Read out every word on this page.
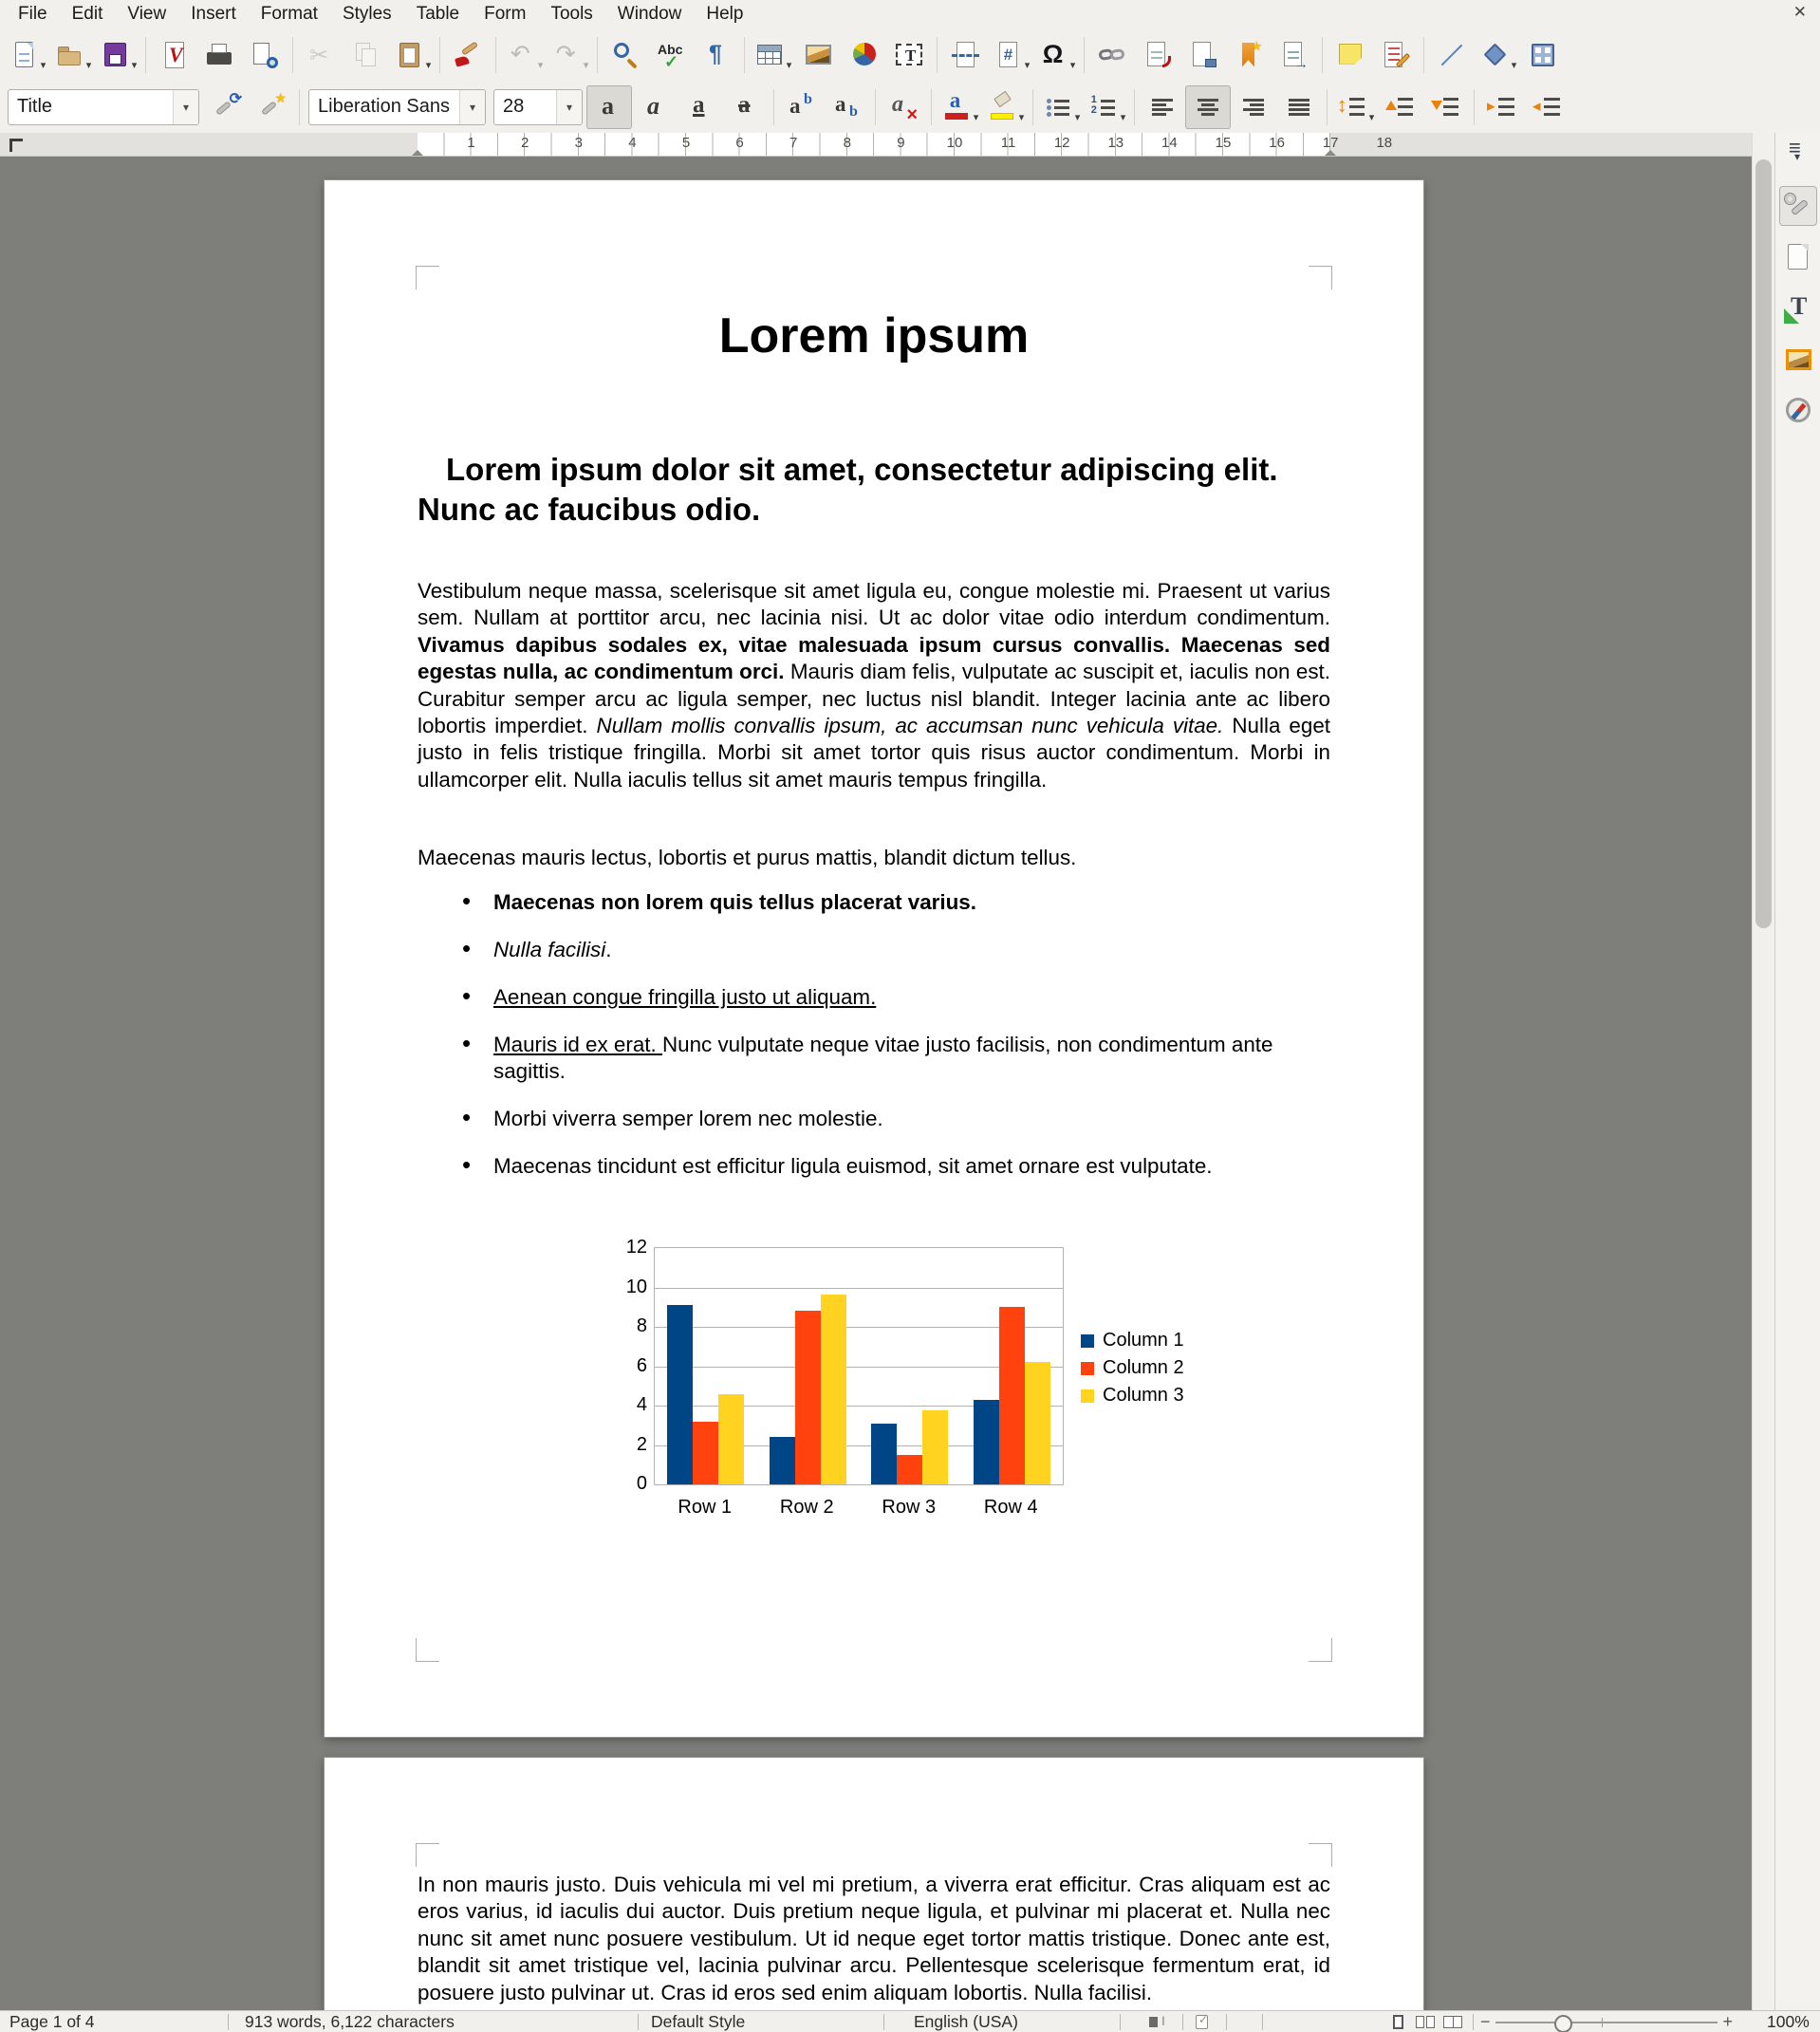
File	Edit	View	Insert	Format	Styles	Table	Form	Tools	Window	Help	✕
▾	▾	▾ V ✂	▾ ↶	▾ ↷	▾ Abc ✓ ¶	▾ T #	▾ Ω	▾ ★ →	▾
Title	▾ ⟳ ★	Liberation Sans	▾	28	▾
a
a
a
a
a b
a b
a ×
a
▾	▾	▾ 1 2	▾ ↕	▾
▸
◂
1	2	3	4	5	6	7	8	9	10	11	12	13	14	15	16	17	18
Lorem ipsum
Lorem ipsum dolor sit amet, consectetur adipiscing elit. Nunc ac faucibus odio.

Vestibulum neque massa, scelerisque sit amet ligula eu, congue molestie mi. Praesent ut varius sem. Nullam at porttitor arcu, nec lacinia nisi. Ut ac dolor vitae odio interdum condimentum. Vivamus dapibus sodales ex, vitae malesuada ipsum cursus convallis. Maecenas sed egestas nulla, ac condimentum orci. Mauris diam felis, vulputate ac suscipit et, iaculis non est. Curabitur semper arcu ac ligula semper, nec luctus nisl blandit. Integer lacinia ante ac libero lobortis imperdiet. Nullam mollis convallis ipsum, ac accumsan nunc vehicula vitae. Nulla eget justo in felis tristique fringilla. Morbi sit amet tortor quis risus auctor condimentum. Morbi in ullamcorper elit. Nulla iaculis tellus sit amet mauris tempus fringilla.

Maecenas mauris lectus, lobortis et purus mattis, blandit dictum tellus.

• Maecenas non lorem quis tellus placerat varius.
• Nulla facilisi.
• Aenean congue fringilla justo ut aliquam.
• Mauris id ex erat. Nunc vulputate neque vitae justo facilisis, non condimentum ante sagittis.
• Morbi viverra semper lorem nec molestie.
• Maecenas tincidunt est efficitur ligula euismod, sit amet ornare est vulputate.
0
2
4
6
8
10
12
Row 1	Row 2	Row 3	Row 4
Column 1
Column 2
Column 3

In non mauris justo. Duis vehicula mi vel mi pretium, a viverra erat efficitur. Cras aliquam est ac eros varius, id iaculis dui auctor. Duis pretium neque ligula, et pulvinar mi placerat et. Nulla nec nunc sit amet nunc posuere vestibulum. Ut id neque eget tortor mattis tristique. Donec ante est, blandit sit amet tristique vel, lacinia pulvinar arcu. Pellentesque scelerisque fermentum erat, id posuere justo pulvinar ut. Cras id eros sed enim aliquam lobortis. Nulla facilisi.

≡ ▾
T
Page 1 of 4	913 words, 6,122 characters	Default Style	English (USA) I ✓	−	+ 100%
